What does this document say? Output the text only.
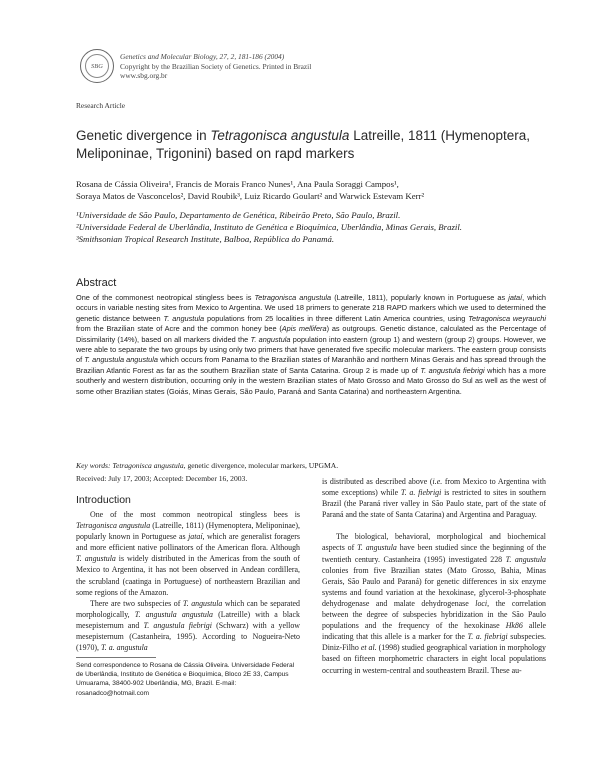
SBG
Genetics and Molecular Biology, 27, 2, 181-186 (2004)
Copyright by the Brazilian Society of Genetics. Printed in Brazil
www.sbg.org.br
Research Article
Genetic divergence in Tetragonisca angustula Latreille, 1811 (Hymenoptera, Meliponinae, Trigonini) based on rapd markers
Rosana de Cássia Oliveira¹, Francis de Morais Franco Nunes¹, Ana Paula Soraggi Campos¹,
Soraya Matos de Vasconcelos², David Roubik³, Luiz Ricardo Goulart² and Warwick Estevam Kerr²
¹Universidade de São Paulo, Departamento de Genética, Ribeirão Preto, São Paulo, Brazil.
²Universidade Federal de Uberlândia, Instituto de Genética e Bioquímica, Uberlândia, Minas Gerais, Brazil.
³Smithsonian Tropical Research Institute, Balboa, República do Panamá.
Abstract
One of the commonest neotropical stingless bees is Tetragonisca angustula (Latreille, 1811), popularly known in Portuguese as jataí, which occurs in variable nesting sites from Mexico to Argentina. We used 18 primers to generate 218 RAPD markers which we used to determined the genetic distance between T. angustula populations from 25 localities in three different Latin America countries, using Tetragonisca weyrauchi from the Brazilian state of Acre and the common honey bee (Apis mellifera) as outgroups. Genetic distance, calculated as the Percentage of Dissimilarity (14%), based on all markers divided the T. angustula population into eastern (group 1) and western (group 2) groups. However, we were able to separate the two groups by using only two primers that have generated five specific molecular markers. The eastern group consists of T. angustula angustula which occurs from Panama to the Brazilian states of Maranhão and northern Minas Gerais and has spread through the Brazilian Atlantic Forest as far as the southern Brazilian state of Santa Catarina. Group 2 is made up of T. angustula fiebrigi which has a more southerly and western distribution, occurring only in the western Brazilian states of Mato Grosso and Mato Grosso do Sul as well as the west of some other Brazilian states (Goiás, Minas Gerais, São Paulo, Paraná and Santa Catarina) and northeastern Argentina.
Key words: Tetragonisca angustula, genetic divergence, molecular markers, UPGMA.
Received: July 17, 2003; Accepted: December 16, 2003.
Introduction

One of the most common neotropical stingless bees is Tetragonisca angustula (Latreille, 1811) (Hymenoptera, Meliponinae), popularly known in Portuguese as jataí, which are generalist foragers and more efficient native pollinators of the American flora. Although T. angustula is widely distributed in the Americas from the south of Mexico to Argentina, it has not been observed in Andean cordillera, the scrubland (caatinga in Portuguese) of northeastern Brazilian and some regions of the Amazon.

There are two subspecies of T. angustula which can be separated morphologically, T. angustula angustula (Latreille) with a black mesepisternum and T. angustula fiebrigi (Schwarz) with a yellow mesepisternum (Castanheira, 1995). According to Nogueira-Neto (1970), T. a. angustula

Send correspondence to Rosana de Cássia Oliveira. Universidade Federal de Uberlândia, Instituto de Genética e Bioquímica, Bloco 2E 33, Campus Umuarama, 38400-902 Uberlândia, MG, Brazil. E-mail: rosanadco@hotmail.com

is distributed as described above (i.e. from Mexico to Argentina with some exceptions) while T. a. fiebrigi is restricted to sites in southern Brazil (the Paraná river valley in São Paulo state, part of the state of Paraná and the state of Santa Catarina) and Argentina and Paraguay.

The biological, behavioral, morphological and biochemical aspects of T. angustula have been studied since the beginning of the twentieth century. Castanheira (1995) investigated 228 T. angustula colonies from five Brazilian states (Mato Grosso, Bahia, Minas Gerais, São Paulo and Paraná) for genetic differences in six enzyme systems and found variation at the hexokinase, glycerol-3-phosphate dehydrogenase and malate dehydrogenase loci, the correlation between the degree of subspecies hybridization in the São Paulo populations and the frequency of the hexokinase Hk86 allele indicating that this allele is a marker for the T. a. fiebrigi subspecies. Diniz-Filho et al. (1998) studied geographical variation in morphology based on fifteen morphometric characters in eight local populations occurring in western-central and southeastern Brazil. These au-
